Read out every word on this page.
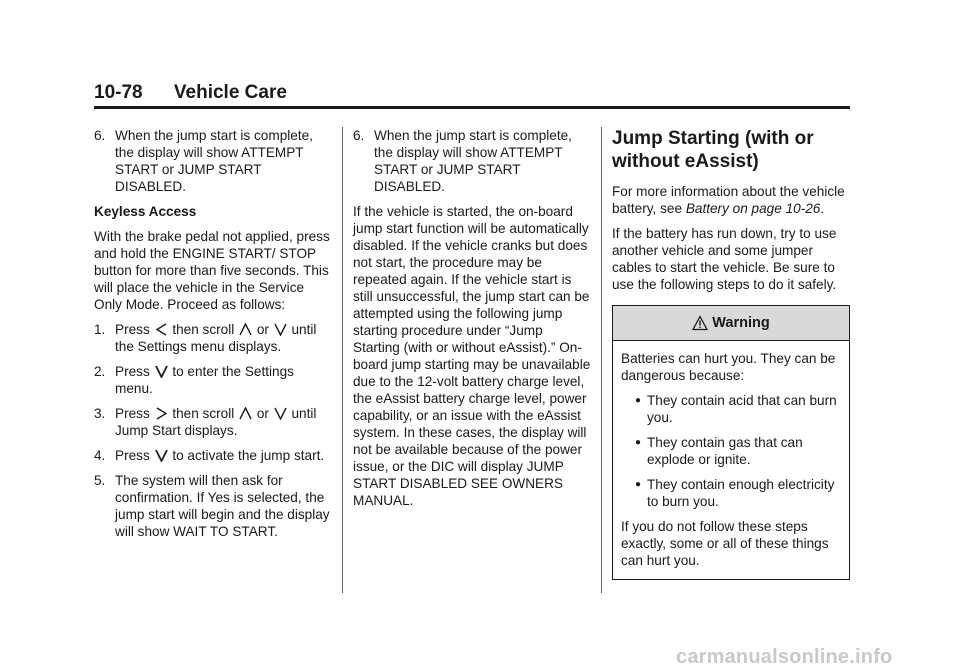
10-78 Vehicle Care
6. When the jump start is complete, the display will show ATTEMPT START or JUMP START DISABLED.

Keyless Access

With the brake pedal not applied, press and hold the ENGINE START/ STOP button for more than five seconds. This will place the vehicle in the Service Only Mode. Proceed as follows:

1. Press then scroll or until the Settings menu displays.
2. Press to enter the Settings menu.
3. Press then scroll or until Jump Start displays.
4. Press to activate the jump start.
5. The system will then ask for confirmation. If Yes is selected, the jump start will begin and the display will show WAIT TO START.
6. When the jump start is complete, the display will show ATTEMPT START or JUMP START DISABLED.

If the vehicle is started, the on-board jump start function will be automatically disabled. If the vehicle cranks but does not start, the procedure may be repeated again. If the vehicle start is still unsuccessful, the jump start can be attempted using the following jump starting procedure under “Jump Starting (with or without eAssist).” On-board jump starting may be unavailable due to the 12-volt battery charge level, the eAssist battery charge level, power capability, or an issue with the eAssist system. In these cases, the display will not be available because of the power issue, or the DIC will display JUMP START DISABLED SEE OWNERS MANUAL.

Jump Starting (with or without eAssist)

For more information about the vehicle battery, see Battery on page 10-26.

If the battery has run down, try to use another vehicle and some jumper cables to start the vehicle. Be sure to use the following steps to do it safely.

Warning

Batteries can hurt you. They can be dangerous because:

● They contain acid that can burn you.
● They contain gas that can explode or ignite.
● They contain enough electricity to burn you.

If you do not follow these steps exactly, some or all of these things can hurt you.

carmanualsonline.info
